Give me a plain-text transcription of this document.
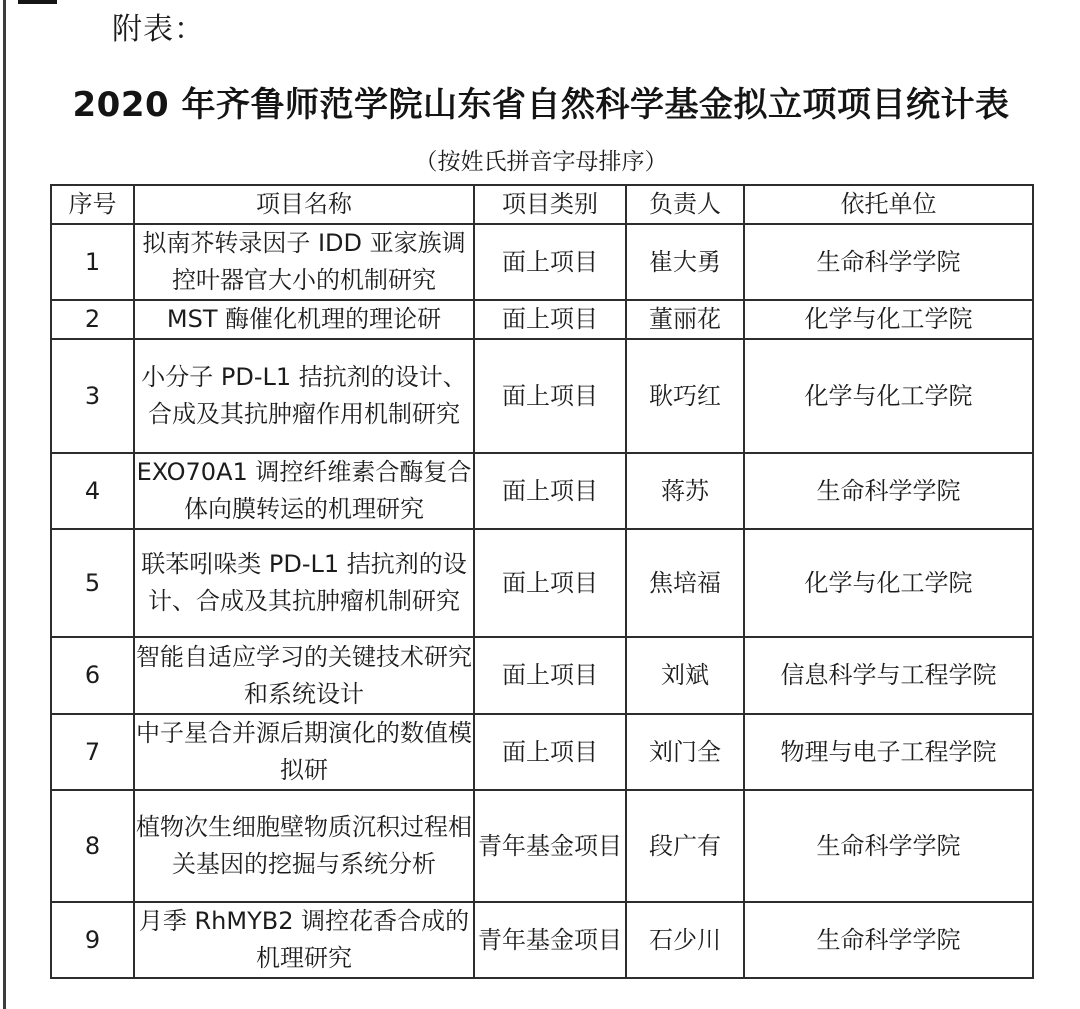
附表：
2020 年齐鲁师范学院山东省自然科学基金拟立项项目统计表
（按姓氏拼音字母排序）
序号	项目名称	项目类别	负责人	依托单位
1	拟南芥转录因子 IDD 亚家族调控叶器官大小的机制研究	面上项目	崔大勇	生命科学学院
2	MST 酶催化机理的理论研	面上项目	董丽花	化学与化工学院
3	小分子 PD-L1 拮抗剂的设计、合成及其抗肿瘤作用机制研究	面上项目	耿巧红	化学与化工学院
4	EXO70A1 调控纤维素合酶复合体向膜转运的机理研究	面上项目	蒋苏	生命科学学院
5	联苯吲哚类 PD-L1 拮抗剂的设计、合成及其抗肿瘤机制研究	面上项目	焦培福	化学与化工学院
6	智能自适应学习的关键技术研究和系统设计	面上项目	刘斌	信息科学与工程学院
7	中子星合并源后期演化的数值模拟研	面上项目	刘门全	物理与电子工程学院
8	植物次生细胞壁物质沉积过程相关基因的挖掘与系统分析	青年基金项目	段广有	生命科学学院
9	月季 RhMYB2 调控花香合成的机理研究	青年基金项目	石少川	生命科学学院
